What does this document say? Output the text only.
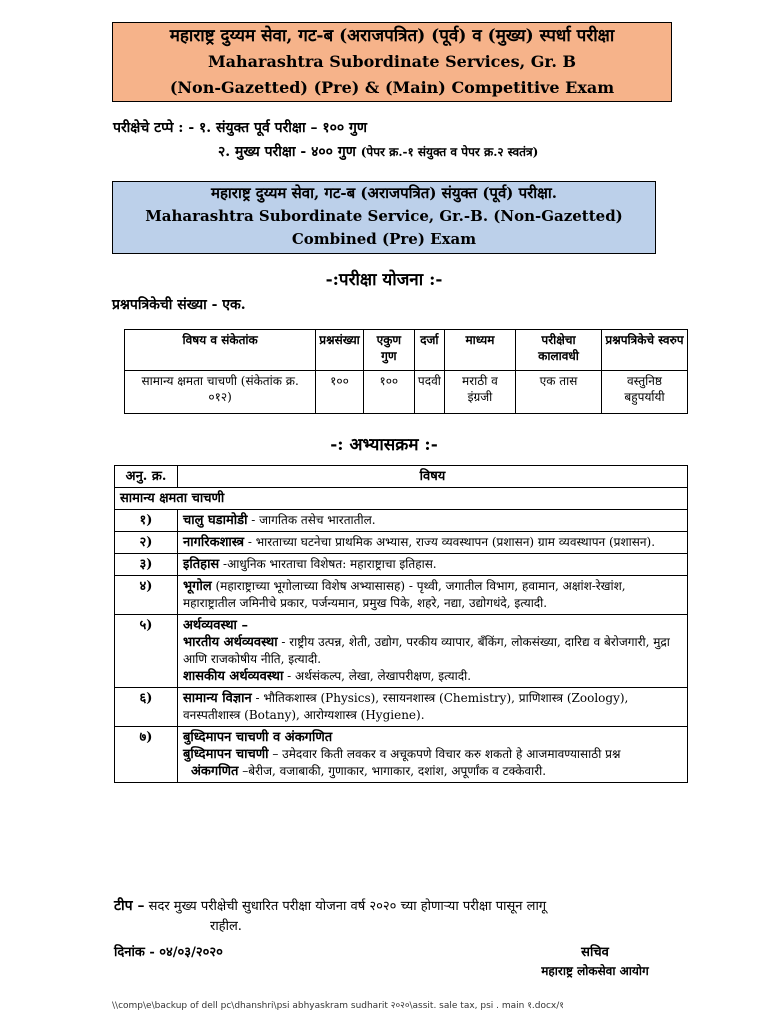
महाराष्ट्र दुय्यम सेवा, गट-ब (अराजपत्रित) (पूर्व) व (मुख्य) स्पर्धा परीक्षा
Maharashtra Subordinate Services, Gr. B
(Non-Gazetted) (Pre) & (Main) Competitive Exam
परीक्षेचे टप्पे : - १. संयुक्त पूर्व परीक्षा – १०० गुण
२. मुख्य परीक्षा - ४०० गुण (पेपर क्र.-१ संयुक्त व पेपर क्र.२ स्वतंत्र)
महाराष्ट्र दुय्यम सेवा, गट-ब (अराजपत्रित) संयुक्त (पूर्व) परीक्षा.
Maharashtra Subordinate Service, Gr.-B. (Non-Gazetted)
Combined (Pre) Exam
-:परीक्षा योजना :-
प्रश्नपत्रिकेची संख्या - एक.
विषय व संकेतांक	प्रश्नसंख्या	एकुण गुण	दर्जा	माध्यम	परीक्षेचा कालावधी	प्रश्नपत्रिकेचे स्वरुप
सामान्य क्षमता चाचणी (संकेतांक क्र. ०१२)	१००	१००	पदवी	मराठी व इंग्रजी	एक तास	वस्तुनिष्ठ बहुपर्यायी
-: अभ्यासक्रम :-
अनु. क्र.	विषय
सामान्य क्षमता चाचणी	
१)	चालु घडामोडी - जागतिक तसेच भारतातील.
२)	नागरिकशास्त्र - भारताच्या घटनेचा प्राथमिक अभ्यास, राज्य व्यवस्थापन (प्रशासन) ग्राम व्यवस्थापन (प्रशासन).
३)	इतिहास -आधुनिक भारताचा विशेषत: महाराष्ट्राचा इतिहास.
४)	भूगोल (महाराष्ट्राच्या भूगोलाच्या विशेष अभ्यासासह) - पृथ्वी, जगातील विभाग, हवामान, अक्षांश-रेखांश, महाराष्ट्रातील जमिनीचे प्रकार, पर्जन्यमान, प्रमुख पिके, शहरे, नद्या, उद्योगधंदे, इत्यादी.
५)	अर्थव्यवस्था –
भारतीय अर्थव्यवस्था - राष्ट्रीय उत्पन्न, शेती, उद्योग, परकीय व्यापार, बँकिंग, लोकसंख्या, दारिद्य व बेरोजगारी, मुद्रा आणि राजकोषीय नीति, इत्यादी.
शासकीय अर्थव्यवस्था - अर्थसंकल्प, लेखा, लेखापरीक्षण, इत्यादी.

६)	सामान्य विज्ञान - भौतिकशास्त्र (Physics), रसायनशास्त्र (Chemistry), प्राणिशास्त्र (Zoology), वनस्पतीशास्त्र (Botany), आरोग्यशास्त्र (Hygiene).
७)	बुध्दिमापन चाचणी व अंकगणित
बुध्दिमापन चाचणी – उमेदवार किती लवकर व अचूकपणे विचार करु शकतो हे आजमावण्यासाठी प्रश्न
अंकगणित –बेरीज, वजाबाकी, गुणाकार, भागाकार, दशांश, अपूर्णांक व टक्केवारी.
टीप – सदर मुख्य परीक्षेची सुधारित परीक्षा योजना वर्ष २०२० च्या होणाऱ्या परीक्षा पासून लागू
राहील.
दिनांक - ०४/०३/२०२०	सचिव
महाराष्ट्र लोकसेवा आयोग
\\comp\e\backup of dell pc\dhanshri\psi abhyaskram sudharit २०२०\assit. sale tax, psi . main १.docx/१
